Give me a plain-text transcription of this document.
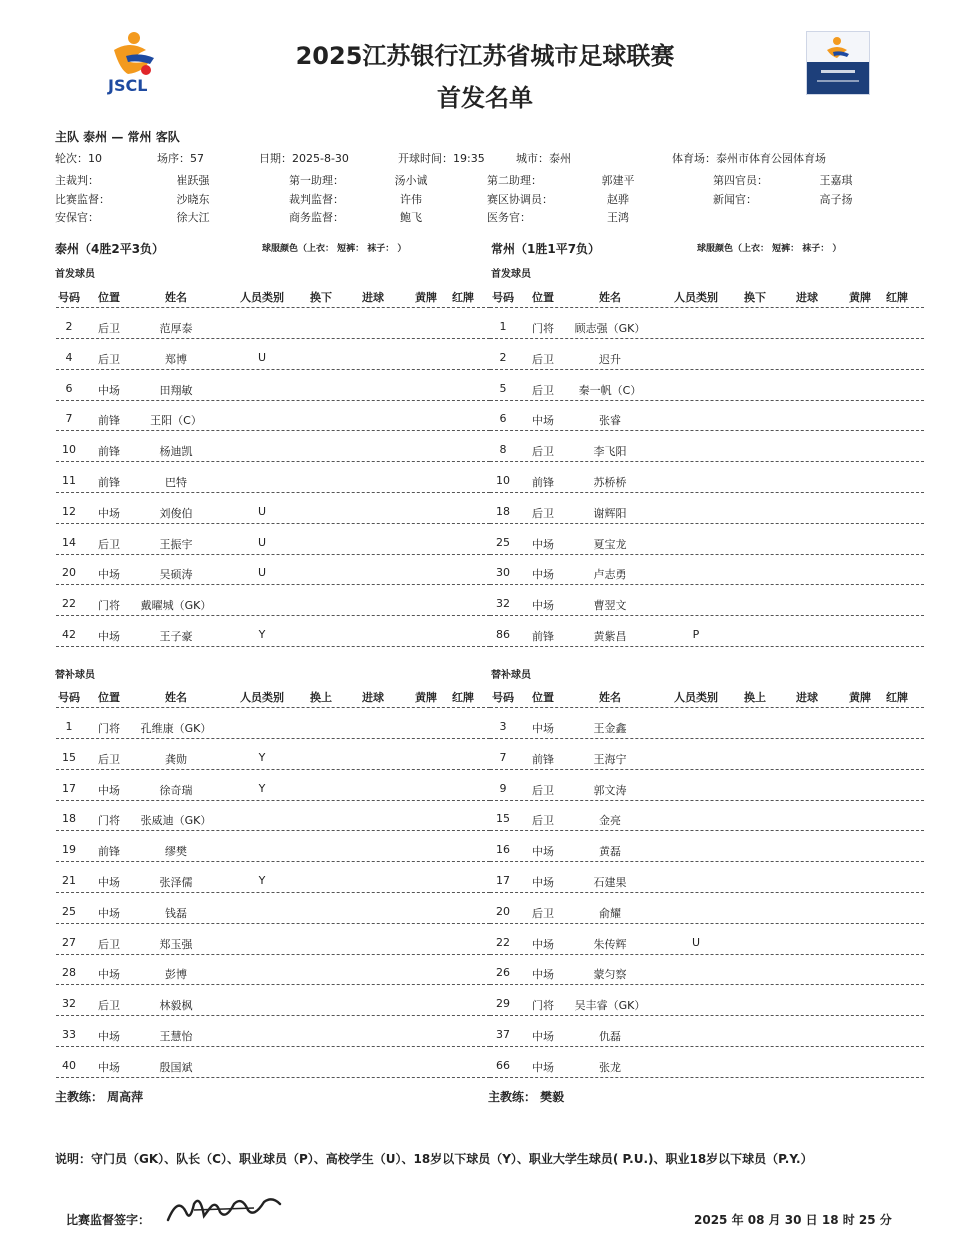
JSCL
2025江苏银行江苏省城市足球联赛
首发名单
主队 泰州 — 常州 客队
轮次：10	场序：57	日期：2025-8-30	开球时间：19:35	城市：泰州	体育场：泰州市体育公园体育场
主裁判：	崔跃强	第一助理：	汤小诚	第二助理：	郭建平	第四官员：	王嘉琪
比赛监督：	沙晓东	裁判监督：	许伟	赛区协调员：	赵骅	新闻官：	高子扬
安保官：	徐大江	商务监督：	鲍飞	医务官：	王鸿
泰州（4胜2平3负）	球服颜色（上衣： 短裤： 袜子： ）	常州（1胜1平7负）	球服颜色（上衣： 短裤： 袜子： ）
首发球员	首发球员
替补球员	替补球员
号码 位置	姓名	人员类别 换下	进球	黄牌 红牌
2 后卫	范厚泰
4 后卫	郑博	U
6 中场	田翔敏
7 前锋	王阳（C）
10 前锋	杨迪凯
11 前锋	巴特
12 中场	刘俊伯	U
14 后卫	王振宇	U
20 中场	吴硕涛	U
22 门将 戴曜城（GK）
42 中场	王子豪	Y
号码 位置	姓名	人员类别 换下	进球	黄牌 红牌
1 门将 顾志强（GK）
2 后卫	迟升
5 后卫 秦一帆（C）
6 中场	张睿
8 后卫	李飞阳
10 前锋	苏桥桥
18 后卫	谢辉阳
25 中场	夏宝龙
30 中场	卢志勇
32 中场	曹翌文
86 前锋	黄紫昌	P
号码 位置	姓名	人员类别 换上	进球	黄牌 红牌
1 门将 孔维康（GK）
15 后卫	龚勋	Y
17 中场	徐奇瑞	Y
18 门将 张威迪（GK）
19 前锋	缪樊
21 中场	张泽儒	Y
25 中场	钱磊
27 后卫	郑玉强
28 中场	彭博
32 后卫	林毅枫
33 中场	王慧怡
40 中场	殷国斌
号码 位置	姓名	人员类别 换上	进球	黄牌 红牌
3 中场	王金鑫
7 前锋	王海宁
9 后卫	郭文涛
15 后卫	金亮
16 中场	黄磊
17 中场	石建果
20 后卫	俞耀
22 中场	朱传辉	U
26 中场	蒙匀察
29 门将 吴丰睿（GK）
37 中场	仇磊
66 中场	张龙
主教练： 周高萍	主教练： 樊毅
说明：守门员（GK）、队长（C）、职业球员（P）、高校学生（U）、18岁以下球员（Y）、职业大学生球员( P.U.)、职业18岁以下球员（P.Y.）
比赛监督签字：	2025 年 08 月 30 日 18 时 25 分
